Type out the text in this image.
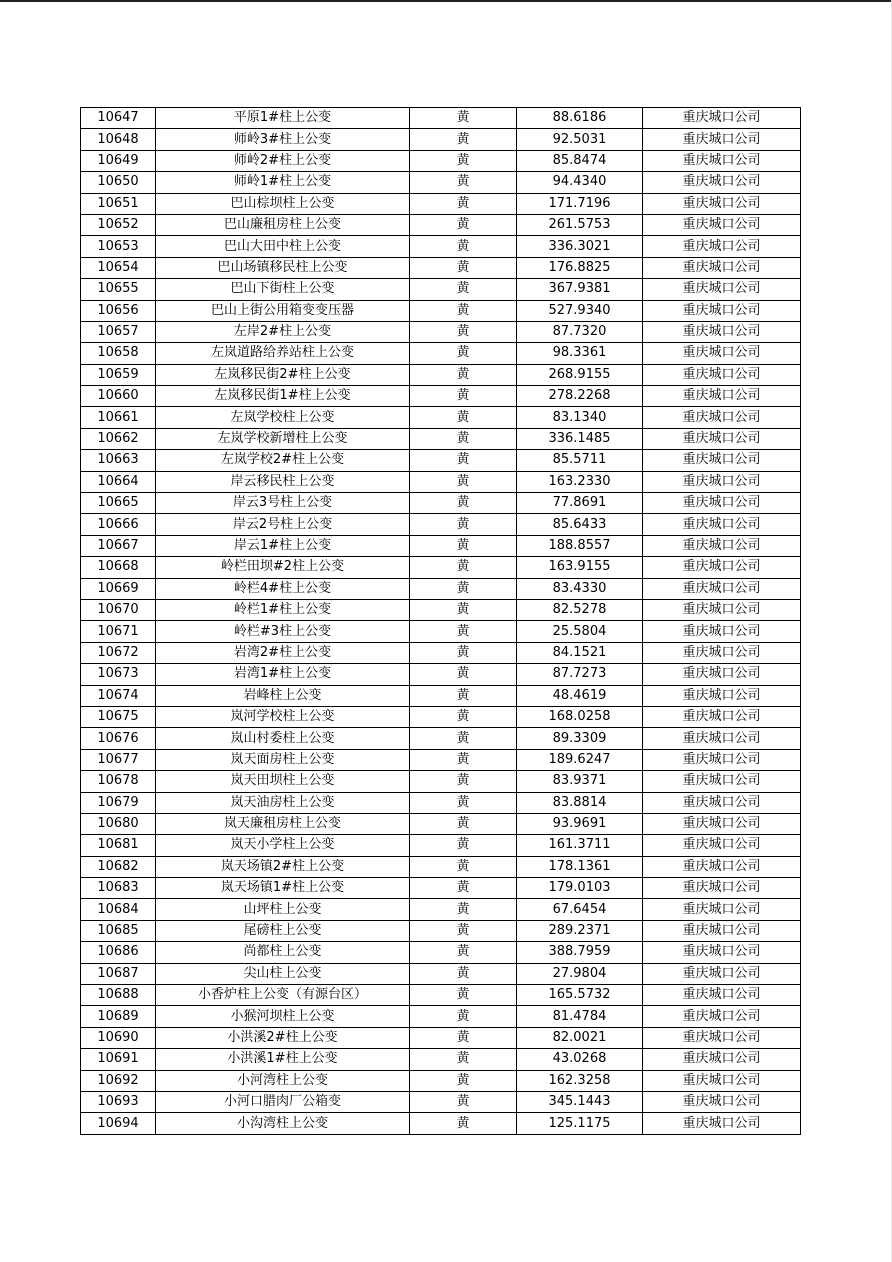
10647	平原1#柱上公变	黄	88.6186	重庆城口公司
10648	师岭3#柱上公变	黄	92.5031	重庆城口公司
10649	师岭2#柱上公变	黄	85.8474	重庆城口公司
10650	师岭1#柱上公变	黄	94.4340	重庆城口公司
10651	巴山棕坝柱上公变	黄	171.7196	重庆城口公司
10652	巴山廉租房柱上公变	黄	261.5753	重庆城口公司
10653	巴山大田中柱上公变	黄	336.3021	重庆城口公司
10654	巴山场镇移民柱上公变	黄	176.8825	重庆城口公司
10655	巴山下街柱上公变	黄	367.9381	重庆城口公司
10656	巴山上街公用箱变变压器	黄	527.9340	重庆城口公司
10657	左岸2#柱上公变	黄	87.7320	重庆城口公司
10658	左岚道路给养站柱上公变	黄	98.3361	重庆城口公司
10659	左岚移民街2#柱上公变	黄	268.9155	重庆城口公司
10660	左岚移民街1#柱上公变	黄	278.2268	重庆城口公司
10661	左岚学校柱上公变	黄	83.1340	重庆城口公司
10662	左岚学校新增柱上公变	黄	336.1485	重庆城口公司
10663	左岚学校2#柱上公变	黄	85.5711	重庆城口公司
10664	岸云移民柱上公变	黄	163.2330	重庆城口公司
10665	岸云3号柱上公变	黄	77.8691	重庆城口公司
10666	岸云2号柱上公变	黄	85.6433	重庆城口公司
10667	岸云1#柱上公变	黄	188.8557	重庆城口公司
10668	岭栏田坝#2柱上公变	黄	163.9155	重庆城口公司
10669	岭栏4#柱上公变	黄	83.4330	重庆城口公司
10670	岭栏1#柱上公变	黄	82.5278	重庆城口公司
10671	岭栏#3柱上公变	黄	25.5804	重庆城口公司
10672	岩湾2#柱上公变	黄	84.1521	重庆城口公司
10673	岩湾1#柱上公变	黄	87.7273	重庆城口公司
10674	岩峰柱上公变	黄	48.4619	重庆城口公司
10675	岚河学校柱上公变	黄	168.0258	重庆城口公司
10676	岚山村委柱上公变	黄	89.3309	重庆城口公司
10677	岚天面房柱上公变	黄	189.6247	重庆城口公司
10678	岚天田坝柱上公变	黄	83.9371	重庆城口公司
10679	岚天油房柱上公变	黄	83.8814	重庆城口公司
10680	岚天廉租房柱上公变	黄	93.9691	重庆城口公司
10681	岚天小学柱上公变	黄	161.3711	重庆城口公司
10682	岚天场镇2#柱上公变	黄	178.1361	重庆城口公司
10683	岚天场镇1#柱上公变	黄	179.0103	重庆城口公司
10684	山坪柱上公变	黄	67.6454	重庆城口公司
10685	尾磅柱上公变	黄	289.2371	重庆城口公司
10686	尚都柱上公变	黄	388.7959	重庆城口公司
10687	尖山柱上公变	黄	27.9804	重庆城口公司
10688	小香炉柱上公变（有源台区）	黄	165.5732	重庆城口公司
10689	小猴河坝柱上公变	黄	81.4784	重庆城口公司
10690	小洪溪2#柱上公变	黄	82.0021	重庆城口公司
10691	小洪溪1#柱上公变	黄	43.0268	重庆城口公司
10692	小河湾柱上公变	黄	162.3258	重庆城口公司
10693	小河口腊肉厂公箱变	黄	345.1443	重庆城口公司
10694	小沟湾柱上公变	黄	125.1175	重庆城口公司
